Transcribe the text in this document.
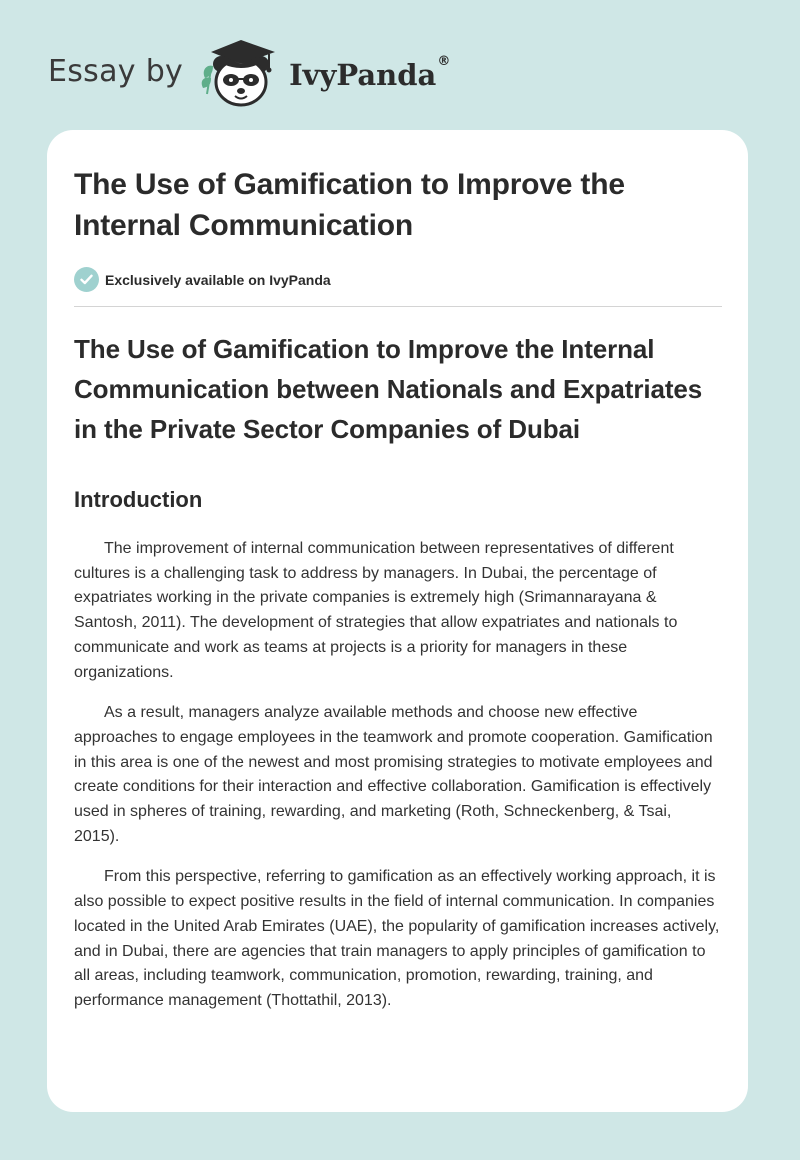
Essay by	IvyPanda®
The Use of Gamification to Improve the Internal Communication
Exclusively available on IvyPanda
The Use of Gamification to Improve the Internal Communication between Nationals and Expatriates in the Private Sector Companies of Dubai
Introduction

The improvement of internal communication between representatives of different cultures is a challenging task to address by managers. In Dubai, the percentage of expatriates working in the private companies is extremely high (Srimannarayana & Santosh, 2011). The development of strategies that allow expatriates and nationals to communicate and work as teams at projects is a priority for managers in these organizations.

As a result, managers analyze available methods and choose new effective approaches to engage employees in the teamwork and promote cooperation. Gamification in this area is one of the newest and most promising strategies to motivate employees and create conditions for their interaction and effective collaboration. Gamification is effectively used in spheres of training, rewarding, and marketing (Roth, Schneckenberg, & Tsai, 2015).

From this perspective, referring to gamification as an effectively working approach, it is also possible to expect positive results in the field of internal communication. In companies located in the United Arab Emirates (UAE), the popularity of gamification increases actively, and in Dubai, there are agencies that train managers to apply principles of gamification to all areas, including teamwork, communication, promotion, rewarding, training, and performance management (Thottathil, 2013).
